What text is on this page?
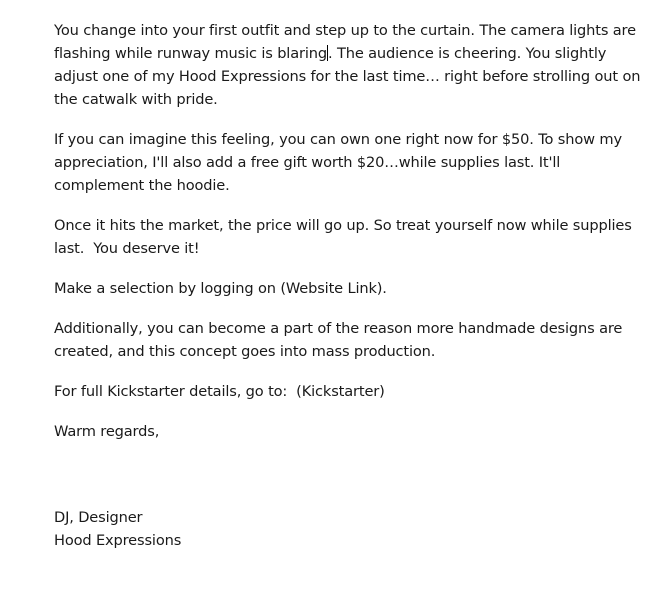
You change into your first outfit and step up to the curtain. The camera lights are flashing while runway music is blaring. The audience is cheering. You slightly adjust one of my Hood Expressions for the last time… right before strolling out on the catwalk with pride.

If you can imagine this feeling, you can own one right now for $50. To show my appreciation, I'll also add a free gift worth $20…while supplies last. It'll complement the hoodie.

Once it hits the market, the price will go up. So treat yourself now while supplies last.  You deserve it!

Make a selection by logging on (Website Link).

Additionally, you can become a part of the reason more handmade designs are created, and this concept goes into mass production.

For full Kickstarter details, go to:  (Kickstarter)

Warm regards,

DJ, Designer
Hood Expressions
